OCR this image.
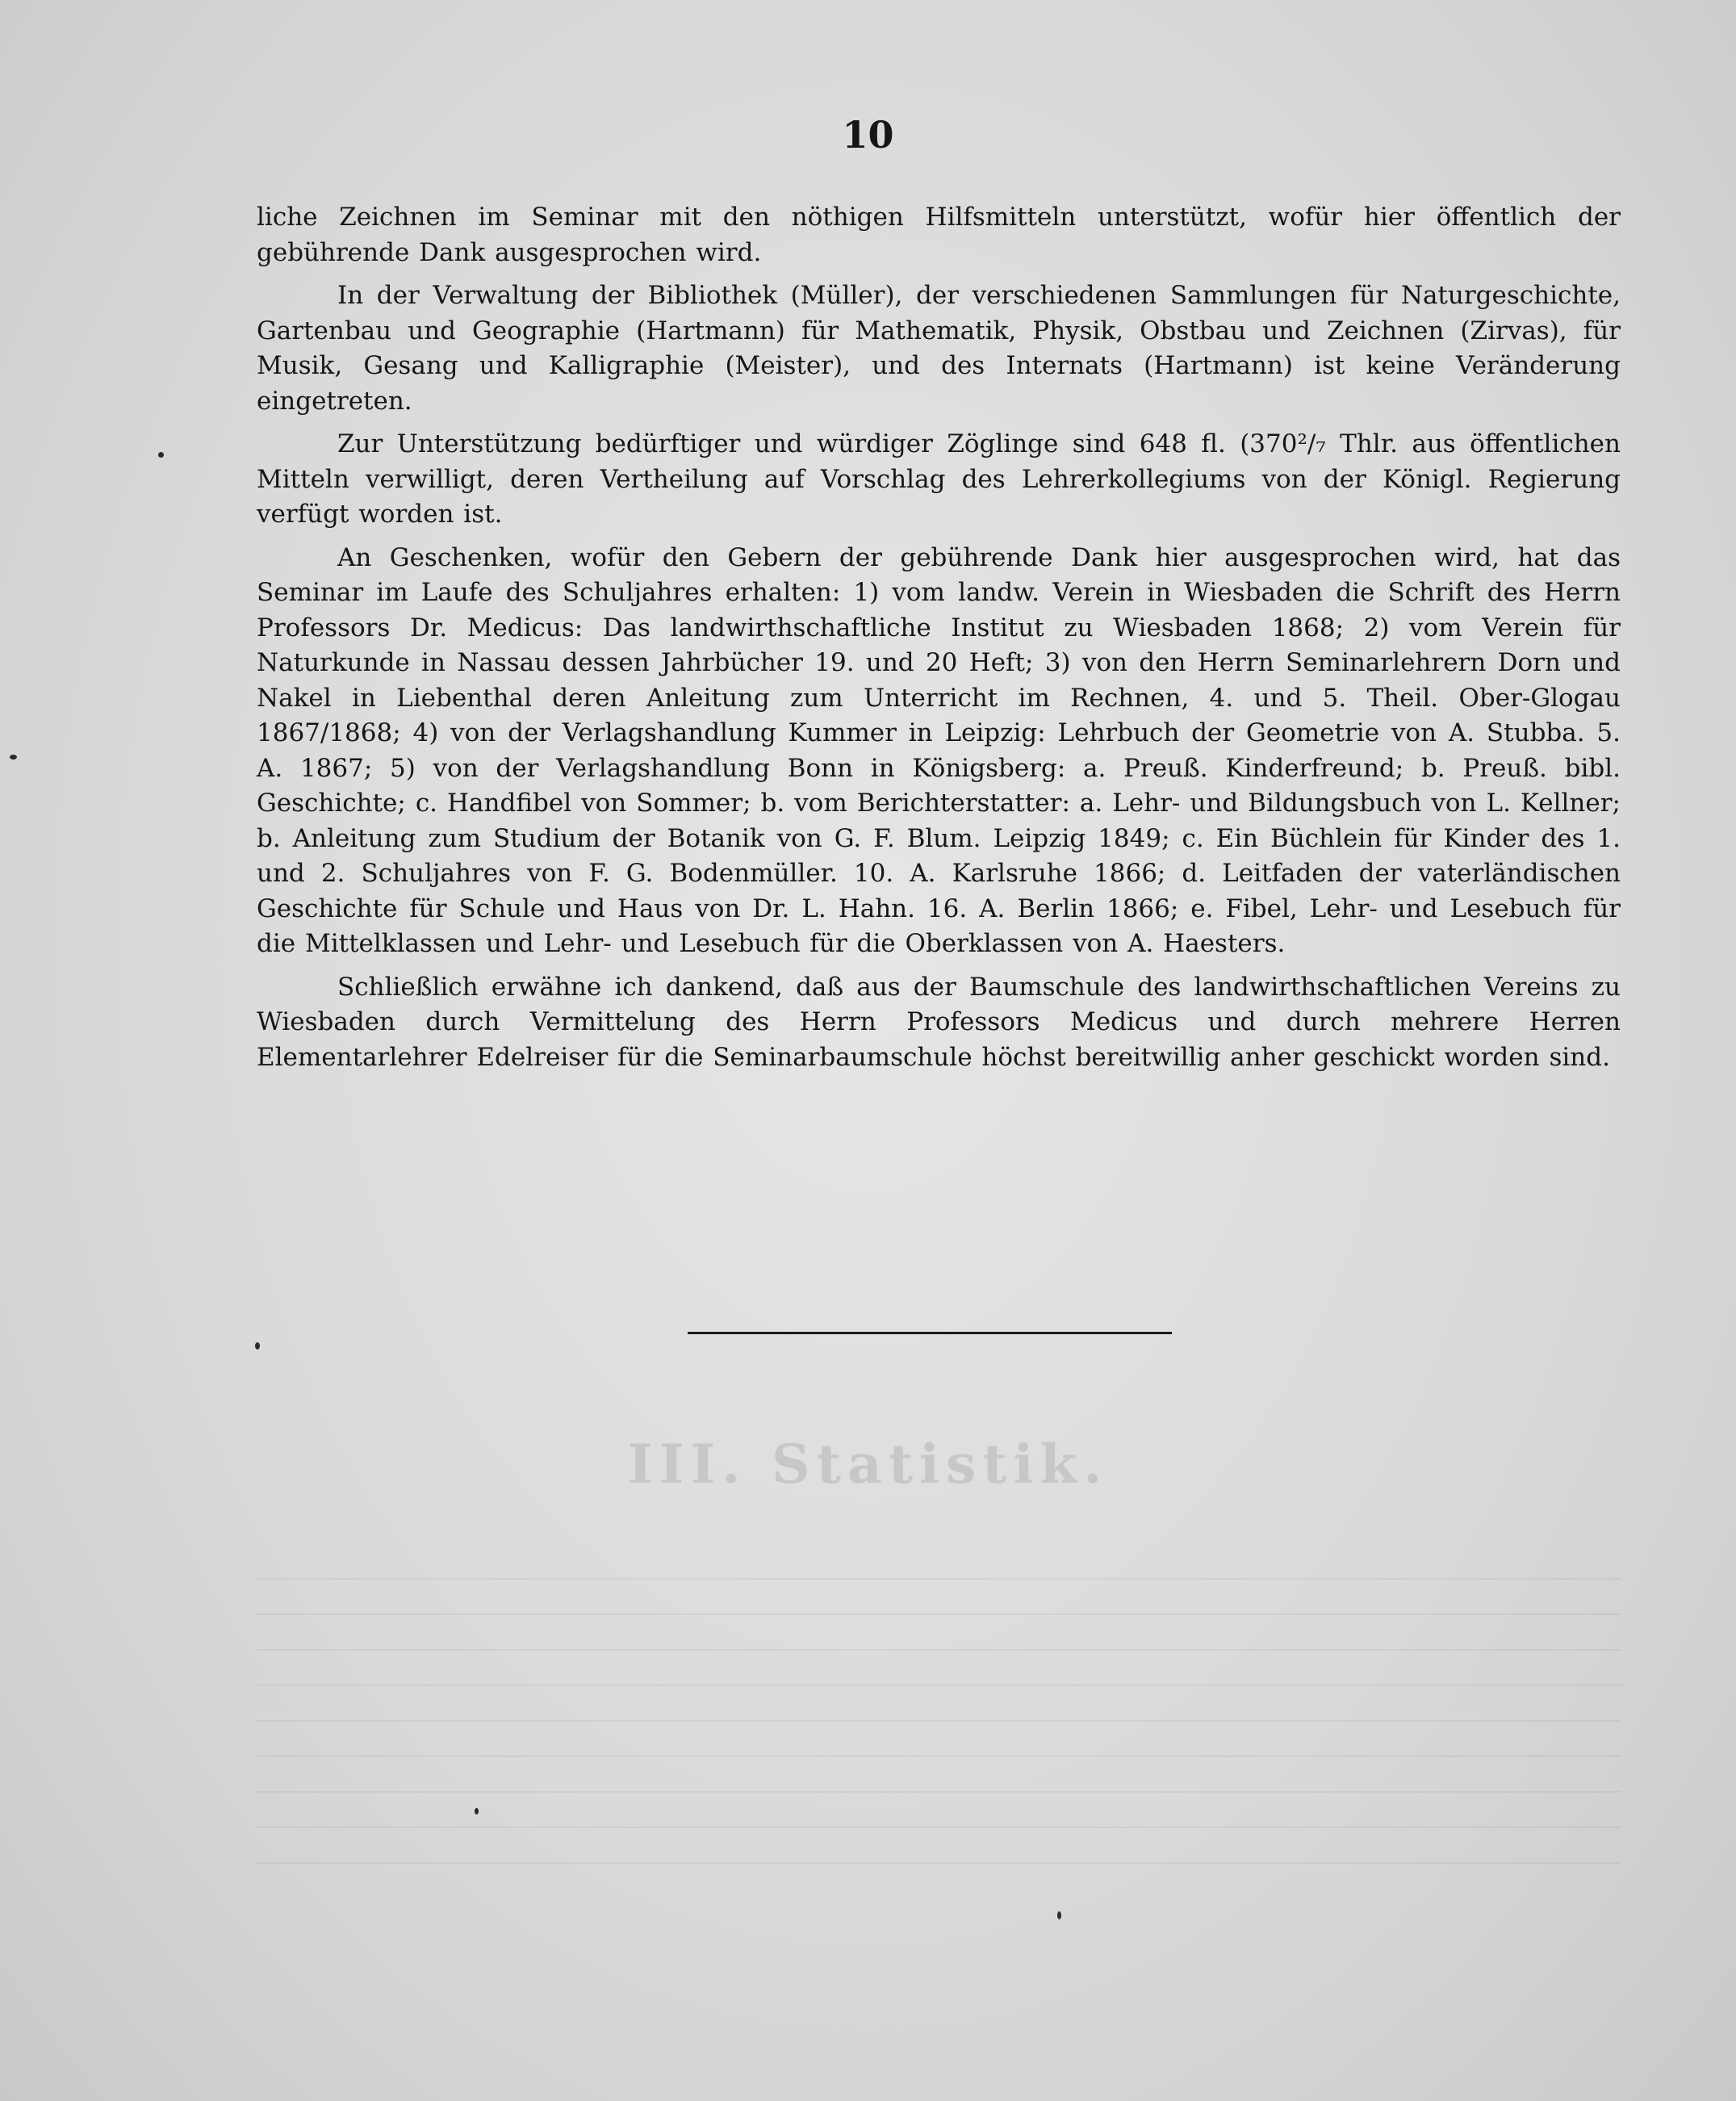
10

liche Zeichnen im Seminar mit den nöthigen Hilfsmitteln unterstützt, wofür hier öffentlich der gebührende Dank ausgesprochen wird.

In der Verwaltung der Bibliothek (Müller), der verschiedenen Sammlungen für Naturgeschichte, Gartenbau und Geographie (Hartmann) für Mathematik, Physik, Obstbau und Zeichnen (Zirvas), für Musik, Gesang und Kalligraphie (Meister), und des Internats (Hartmann) ist keine Veränderung eingetreten.

Zur Unterstützung bedürftiger und würdiger Zöglinge sind 648 fl. (370²/₇ Thlr. aus öffentlichen Mitteln verwilligt, deren Vertheilung auf Vorschlag des Lehrerkollegiums von der Königl. Regierung verfügt worden ist.

An Geschenken, wofür den Gebern der gebührende Dank hier ausgesprochen wird, hat das Seminar im Laufe des Schuljahres erhalten: 1) vom landw. Verein in Wiesbaden die Schrift des Herrn Professors Dr. Medicus: Das landwirthschaftliche Institut zu Wiesbaden 1868; 2) vom Verein für Naturkunde in Nassau dessen Jahrbücher 19. und 20 Heft; 3) von den Herrn Seminarlehrern Dorn und Nakel in Liebenthal deren Anleitung zum Unterricht im Rechnen, 4. und 5. Theil. Ober-Glogau 1867/1868; 4) von der Verlagshandlung Kummer in Leipzig: Lehrbuch der Geometrie von A. Stubba. 5. A. 1867; 5) von der Verlagshandlung Bonn in Königsberg: a. Preuß. Kinderfreund; b. Preuß. bibl. Geschichte; c. Handfibel von Sommer; b. vom Berichterstatter: a. Lehr- und Bildungsbuch von L. Kellner; b. Anleitung zum Studium der Botanik von G. F. Blum. Leipzig 1849; c. Ein Büchlein für Kinder des 1. und 2. Schuljahres von F. G. Bodenmüller. 10. A. Karlsruhe 1866; d. Leitfaden der vaterländischen Geschichte für Schule und Haus von Dr. L. Hahn. 16. A. Berlin 1866; e. Fibel, Lehr- und Lesebuch für die Mittelklassen und Lehr- und Lesebuch für die Oberklassen von A. Haesters.

Schließlich erwähne ich dankend, daß aus der Baumschule des landwirthschaftlichen Vereins zu Wiesbaden durch Vermittelung des Herrn Professors Medicus und durch mehrere Herren Elementarlehrer Edelreiser für die Seminarbaumschule höchst bereitwillig anher geschickt worden sind.

III. Statistik.
